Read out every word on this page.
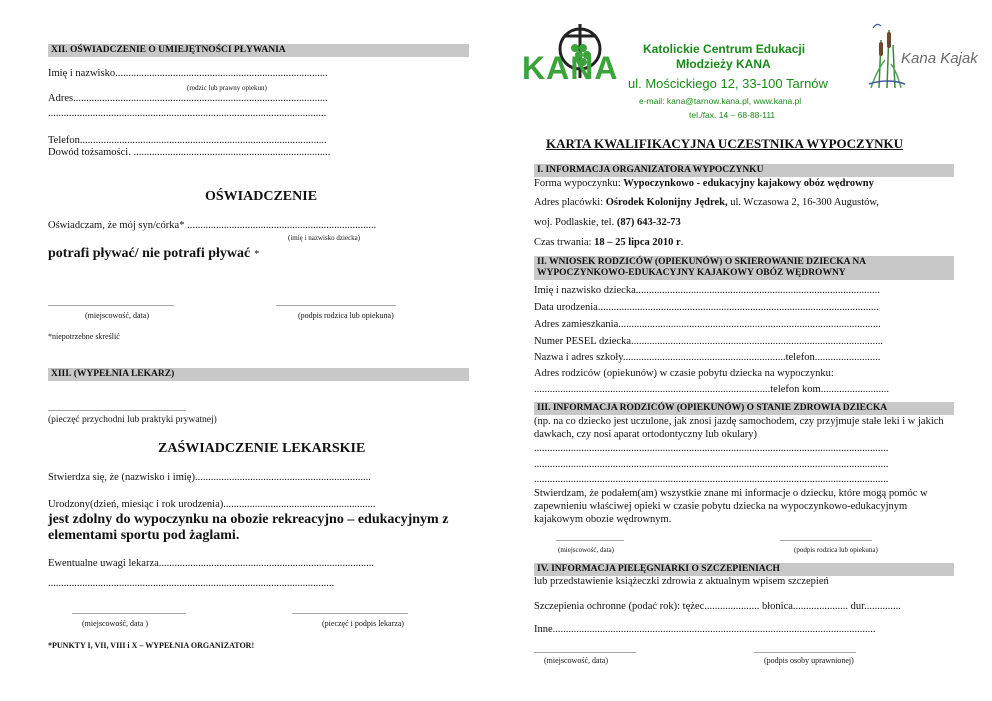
XII. OŚWIADCZENIE O UMIEJĘTNOŚCI PŁYWANIA
Imię i nazwisko.................................................................................
(rodzic lub prawny opiekun)
Adres.................................................................................................
..........................................................................................................
Telefon..............................................................................................
Dowód tożsamości. ...........................................................................
OŚWIADCZENIE
Oświadczam, że mój syn/córka* ........................................................................
(imię i nazwisko dziecka)
potrafi pływać/ nie potrafi pływać *
...............................................................	............................................................
(miejscowość, data)	(podpis rodzica lub opiekuna)
*niepotrzebne skreślić
XIII. (WYPEŁNIA LEKARZ)
.....................................................................
(pieczęć przychodni lub praktyki prywatnej)
ZAŚWIADCZENIE LEKARSKIE
Stwierdza się, że (nazwisko i imię)...................................................................
Urodzony(dzień, miesiąc i rok urodzenia)..........................................................
jest zdolny do wypoczynku na obozie rekreacyjno – edukacyjnym z elementami sportu pod żaglami.
Ewentualne uwagi lekarza..................................................................................
.............................................................................................................
.........................................................	..........................................................
(miejscowość, data )	(pieczęć i podpis lekarza)
*PUNKTY I, VII, VIII i X – WYPEŁNIA ORGANIZATOR!
KANA
Katolickie Centrum Edukacji
Młodzieży KANA
ul. Mościckiego 12, 33-100 Tarnów
e-mail: kana@tarnow.kana.pl, www.kana.pl
tel./fax. 14 – 68-88-111
Kana Kajak
KARTA KWALIFIKACYJNA UCZESTNIKA WYPOCZYNKU
I. INFORMACJA ORGANIZATORA WYPOCZYNKU
Forma wypoczynku: Wypoczynkowo - edukacyjny kajakowy obóz wędrowny
Adres placówki: Ośrodek Kolonijny Jędrek, ul. Wczasowa 2, 16-300 Augustów,
woj. Podlaskie, tel. (87) 643-32-73
Czas trwania: 18 – 25 lipca 2010 r.
II. WNIOSEK RODZICÓW (OPIEKUNÓW) O SKIEROWANIE DZIECKA NA WYPOCZYNKOWO-EDUKACYJNY KAJAKOWY OBÓZ WĘDROWNY
Imię i nazwisko dziecka.............................................................................................
Data urodzenia...........................................................................................................
Adres zamieszkania....................................................................................................
Numer PESEL dziecka................................................................................................
Nazwa i adres szkoły..............................................................telefon.........................
Adres rodziców (opiekunów) w czasie pobytu dziecka na wypoczynku:
..........................................................................................telefon kom..........................
III. INFORMACJA RODZICÓW (OPIEKUNÓW) O STANIE ZDROWIA DZIECKA
(np. na co dziecko jest uczulone, jak znosi jazdę samochodem, czy przyjmuje stałe leki i w jakich dawkach, czy nosi aparat ortodontyczny lub okulary)
.......................................................................................................................................
.......................................................................................................................................
.......................................................................................................................................
Stwierdzam, że podałem(am) wszystkie znane mi informacje o dziecku, które mogą pomóc w zapewnieniu właściwej opieki w czasie pobytu dziecka na wypoczynkowo-edukacyjnym kajakowym obozie wędrownym.
..................................	..............................................
(miejscowość, data)	(podpis rodzica lub opiekuna)
IV. INFORMACJA PIELĘGNIARKI O SZCZEPIENIACH
lub przedstawienie książeczki zdrowia z aktualnym wpisem szczepień
Szczepienia ochronne (podać rok): tężec..................... błonica..................... dur..............
Inne...........................................................................................................................
...................................................	...................................................
(miejscowość, data)	(podpis osoby uprawnionej)
